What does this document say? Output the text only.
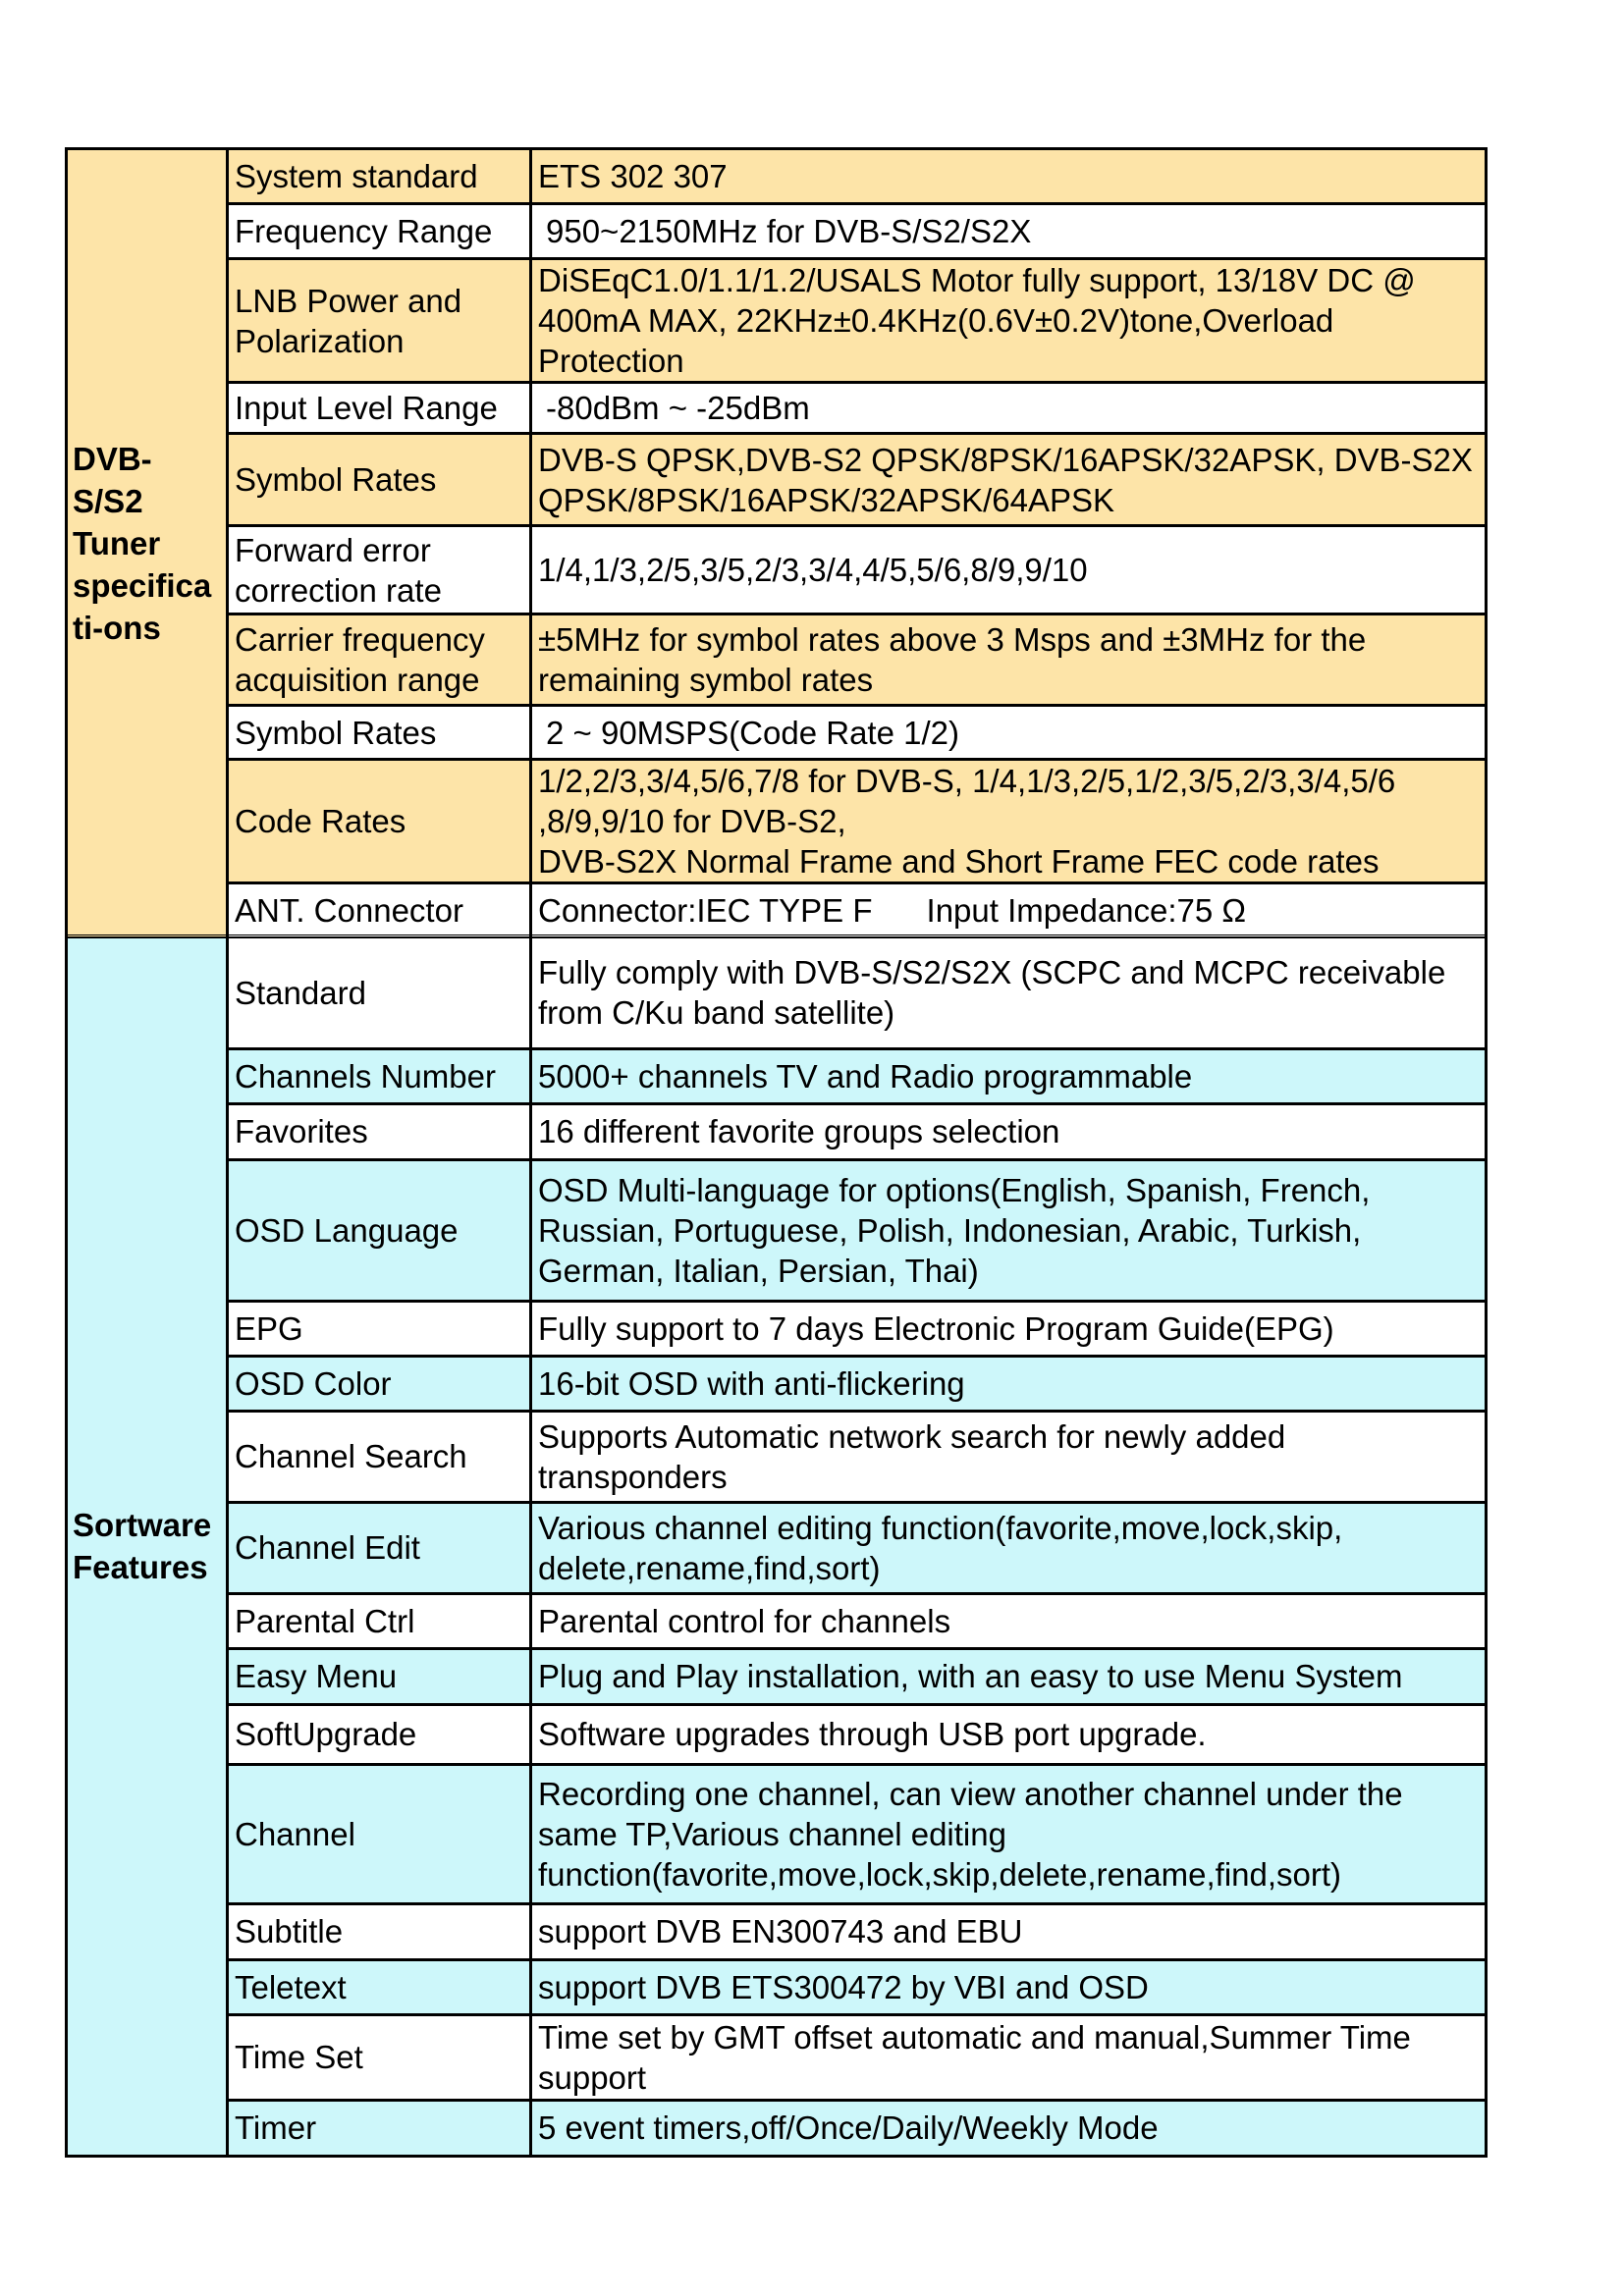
DVB-
S/S2
Tuner
specifica
ti-ons	System standard	ETS 302 307
	Frequency Range	950~2150MHz for DVB-S/S2/S2X
	LNB Power and Polarization	DiSEqC1.0/1.1/1.2/USALS Motor fully support, 13/18V DC @ 400mA MAX, 22KHz±0.4KHz(0.6V±0.2V)tone,Overload Protection
	Input Level Range	-80dBm ~ -25dBm
	Symbol Rates	DVB-S QPSK,DVB-S2 QPSK/8PSK/16APSK/32APSK, DVB-S2X QPSK/8PSK/16APSK/32APSK/64APSK
	Forward error correction rate	1/4,1/3,2/5,3/5,2/3,3/4,4/5,5/6,8/9,9/10
	Carrier frequency acquisition range	±5MHz for symbol rates above 3 Msps and ±3MHz for the remaining symbol rates
	Symbol Rates	2 ~ 90MSPS(Code Rate 1/2)
	Code Rates	1/2,2/3,3/4,5/6,7/8 for DVB-S, 1/4,1/3,2/5,1/2,3/5,2/3,3/4,5/6 ,8/9,9/10 for DVB-S2,
DVB-S2X Normal Frame and Short Frame FEC code rates
	ANT. Connector	Connector:IEC TYPE F      Input Impedance:75 Ω
Sortware
Features	Standard	Fully comply with DVB-S/S2/S2X (SCPC and MCPC receivable from C/Ku band satellite)
	Channels Number	5000+ channels TV and Radio programmable
	Favorites	16 different favorite groups selection
	OSD Language	OSD Multi-language for options(English, Spanish, French, Russian, Portuguese, Polish, Indonesian, Arabic, Turkish, German, Italian, Persian, Thai)
	EPG	Fully support to 7 days Electronic Program Guide(EPG)
	OSD Color	16-bit OSD with anti-flickering
	Channel Search	Supports Automatic network search for newly added transponders
	Channel Edit	Various channel editing function(favorite,move,lock,skip, delete,rename,find,sort)
	Parental Ctrl	Parental control for channels
	Easy Menu	Plug and Play installation, with an easy to use Menu System
	SoftUpgrade	Software upgrades through USB port upgrade.
	Channel	Recording one channel, can view another channel under the same TP,Various channel editing function(favorite,move,lock,skip,delete,rename,find,sort)
	Subtitle	support DVB EN300743 and EBU
	Teletext	support DVB ETS300472 by VBI and OSD
	Time Set	Time set by GMT offset automatic and manual,Summer Time support
	Timer	5 event timers,off/Once/Daily/Weekly Mode
